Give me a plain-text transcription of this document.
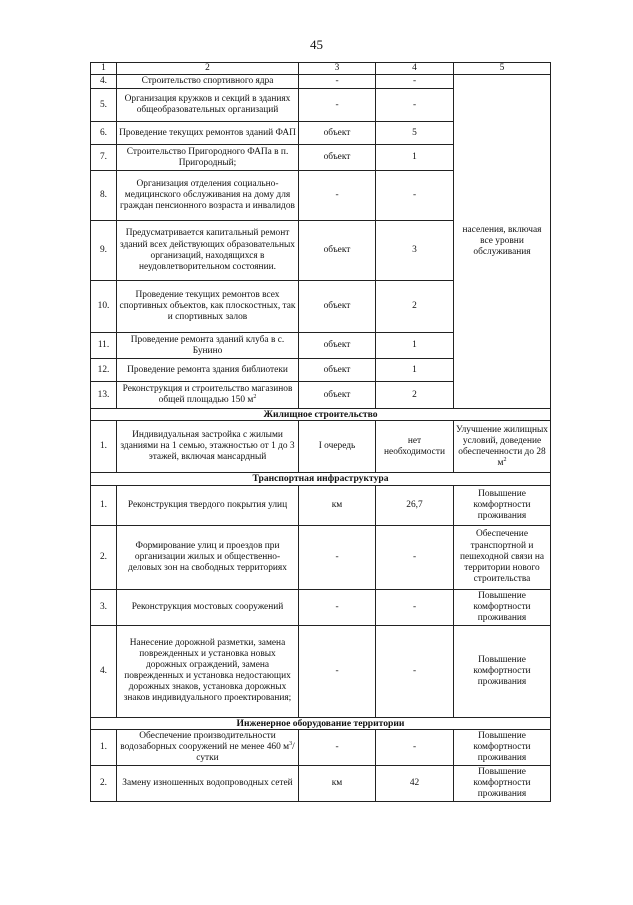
45
1	2	3	4	5
4.	Строительство спортивного ядра	-	-	населения, включая все уровни обслуживания
5.	Организация кружков и секций в зданиях общеобразовательных организаций	-	-	
6.	Проведение текущих ремонтов зданий ФАП	объект	5	
7.	Строительство Пригородного ФАПа в п. Пригородный;	объект	1	
8.	Организация отделения социально-медицинского обслуживания на дому для граждан пенсионного возраста и инвалидов	-	-	
9.	Предусматривается капитальный ремонт зданий всех действующих образовательных организаций, находящихся в неудовлетворительном состоянии.	объект	3	
10.	Проведение текущих ремонтов всех спортивных объектов, как плоскостных, так и спортивных залов	объект	2	
11.	Проведение ремонта зданий клуба в с. Бунино	объект	1	
12.	Проведение ремонта здания библиотеки	объект	1	
13.	Реконструкция и строительство магазинов общей площадью 150 $м^2$	объект	2	
Жилищное строительство				
1.	Индивидуальная застройка с жилыми зданиями на 1 семью, этажностью от 1 до 3 этажей, включая мансардный	I очередь	нет необходимости	Улучшение жилищных условий, доведение обеспеченности до 28 $м^2$
Транспортная инфраструктура				
1.	Реконструкция твердого покрытия улиц	км	26,7	Повышение комфортности проживания
2.	Формирование улиц и проездов при организации жилых и общественно-деловых зон на свободных территориях	-	-	Обеспечение транспортной и пешеходной связи на территории нового строительства
3.	Реконструкция мостовых сооружений	-	-	Повышение комфортности проживания
4.	Нанесение дорожной разметки, замена поврежденных и установка новых дорожных ограждений, замена поврежденных и установка недостающих дорожных знаков, установка дорожных знаков индивидуального проектирования;	-	-	Повышение комфортности проживания
Инженерное оборудование территории				
1.	Обеспечение производительности водозаборных сооружений не менее 460 $м^3$/сутки	-	-	Повышение комфортности проживания
2.	Замену изношенных водопроводных сетей	км	42	Повышение комфортности проживания
